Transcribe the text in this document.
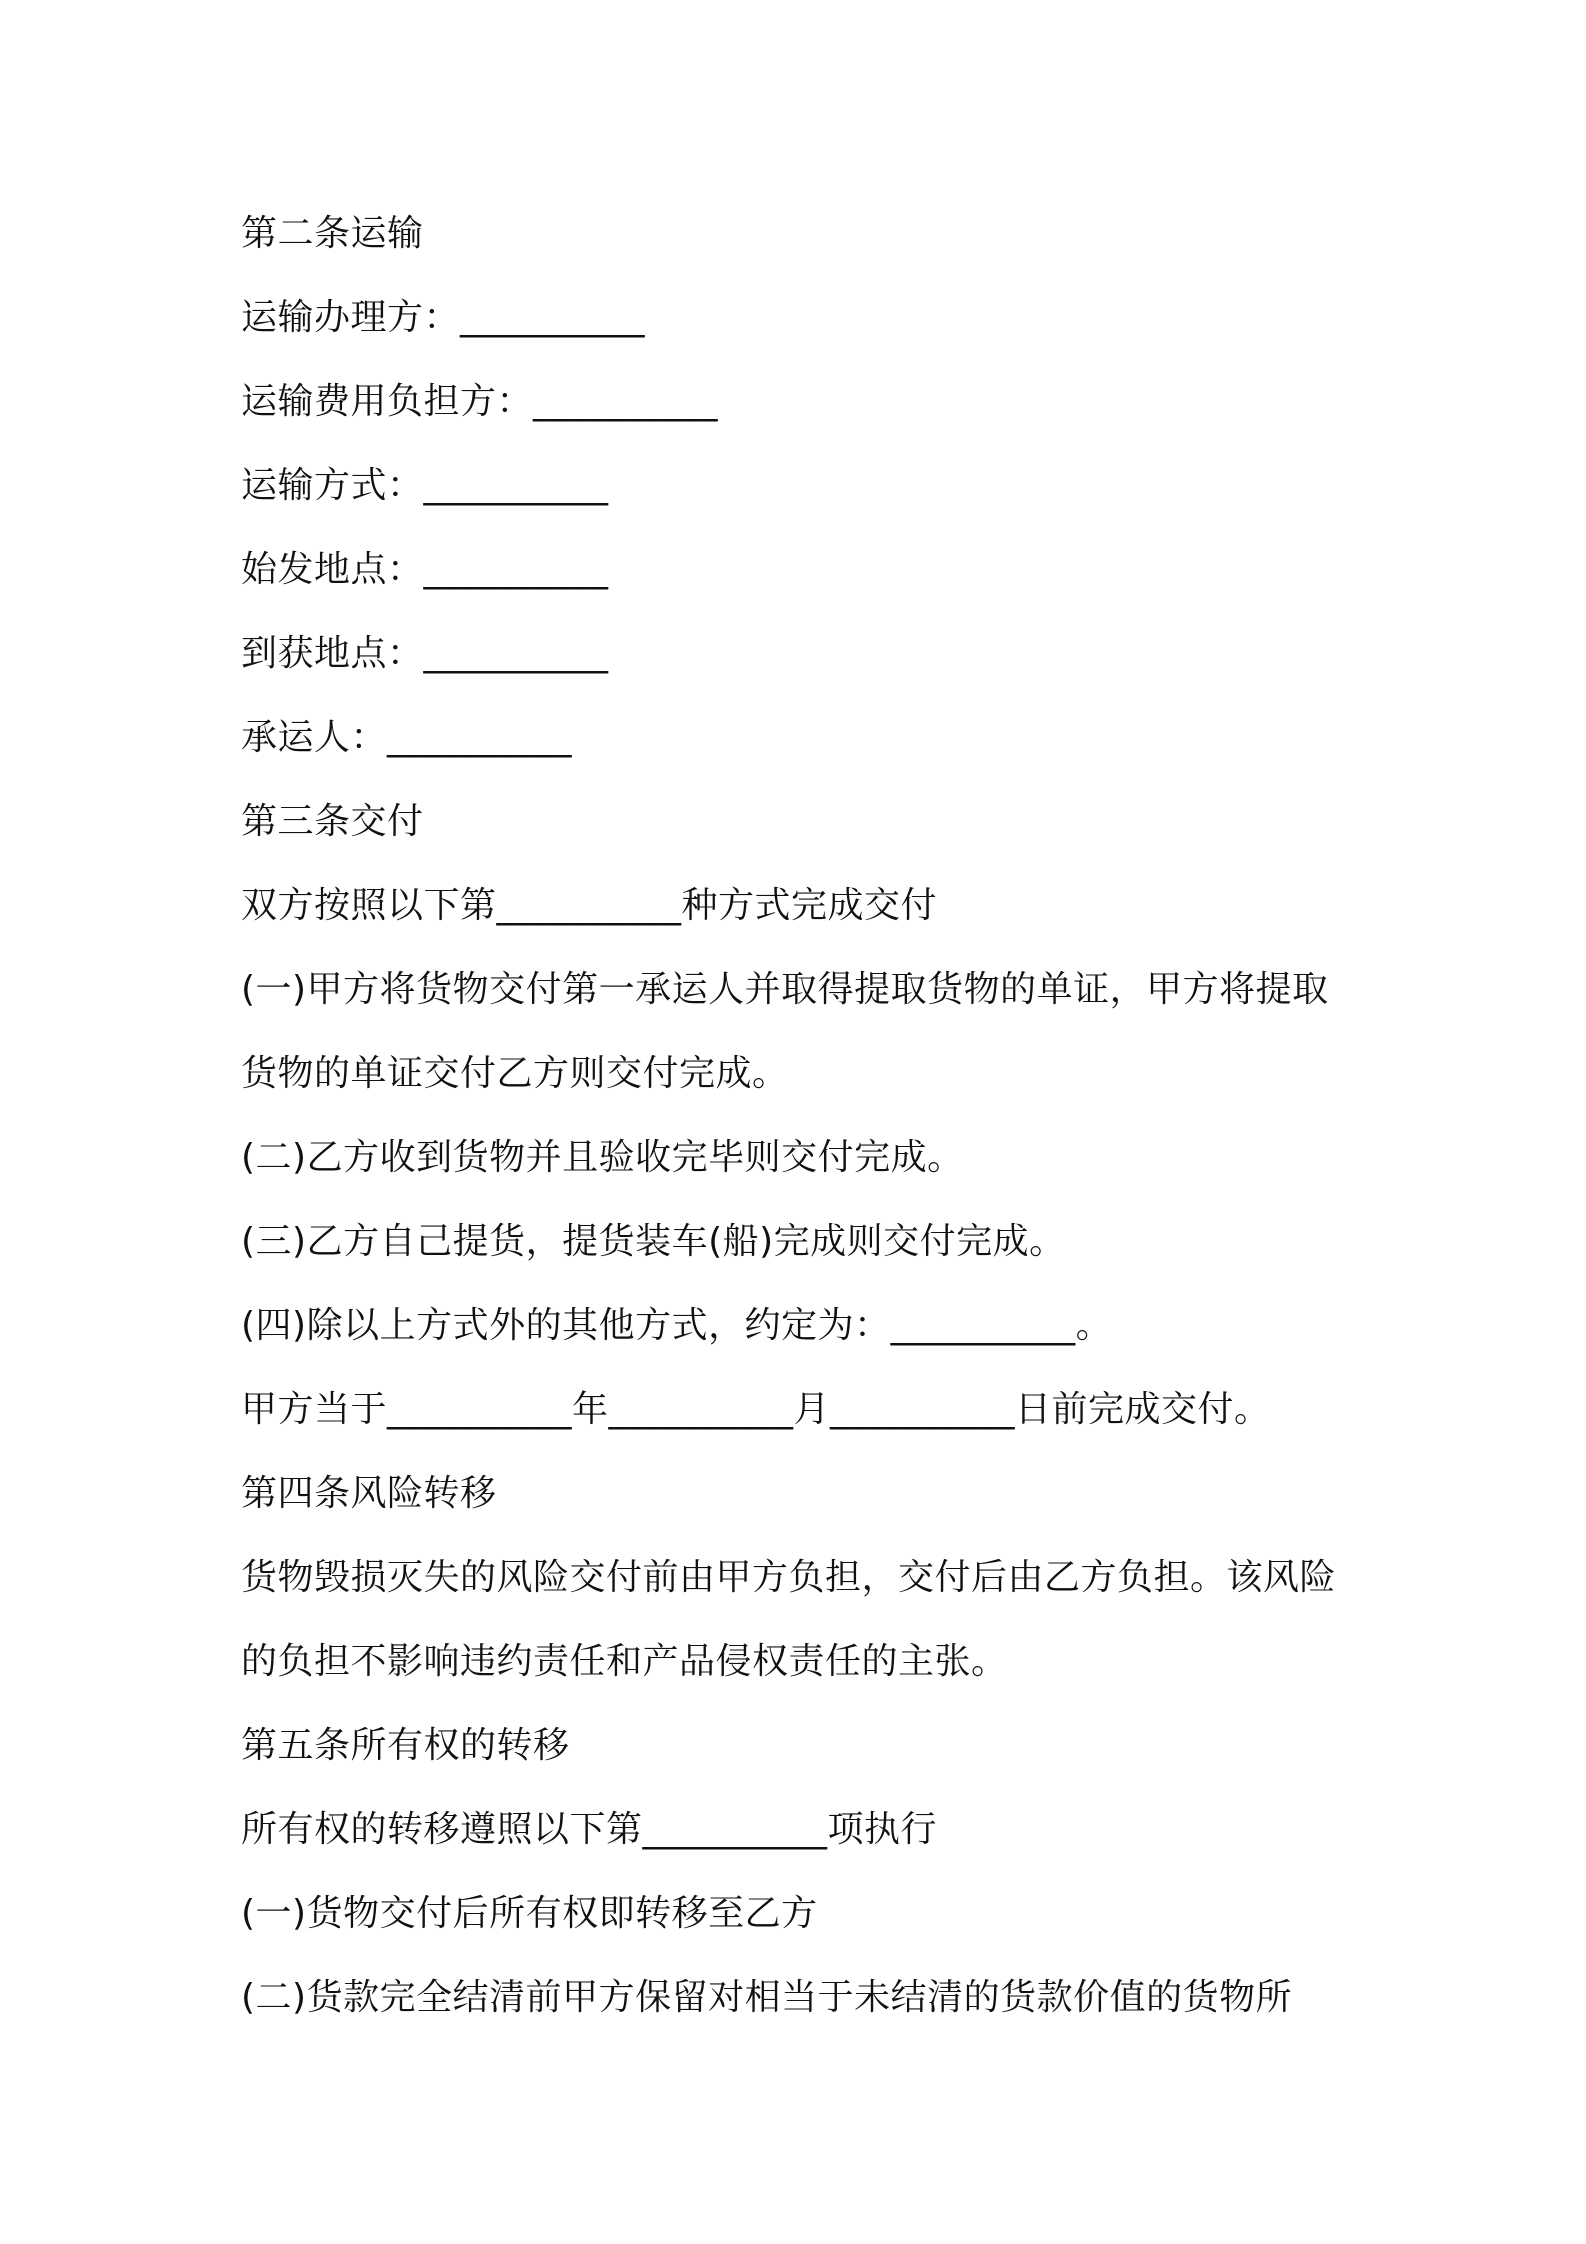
第二条运输
运输办理方：__________
运输费用负担方：__________
运输方式：__________
始发地点：__________
到获地点：__________
承运人：__________
第三条交付
双方按照以下第__________种方式完成交付
(一)甲方将货物交付第一承运人并取得提取货物的单证，甲方将提取
货物的单证交付乙方则交付完成。
(二)乙方收到货物并且验收完毕则交付完成。
(三)乙方自己提货，提货装车(船)完成则交付完成。
(四)除以上方式外的其他方式，约定为：__________。
甲方当于__________年__________月__________日前完成交付。
第四条风险转移
货物毁损灭失的风险交付前由甲方负担，交付后由乙方负担。该风险
的负担不影响违约责任和产品侵权责任的主张。
第五条所有权的转移
所有权的转移遵照以下第__________项执行
(一)货物交付后所有权即转移至乙方
(二)货款完全结清前甲方保留对相当于未结清的货款价值的货物所
